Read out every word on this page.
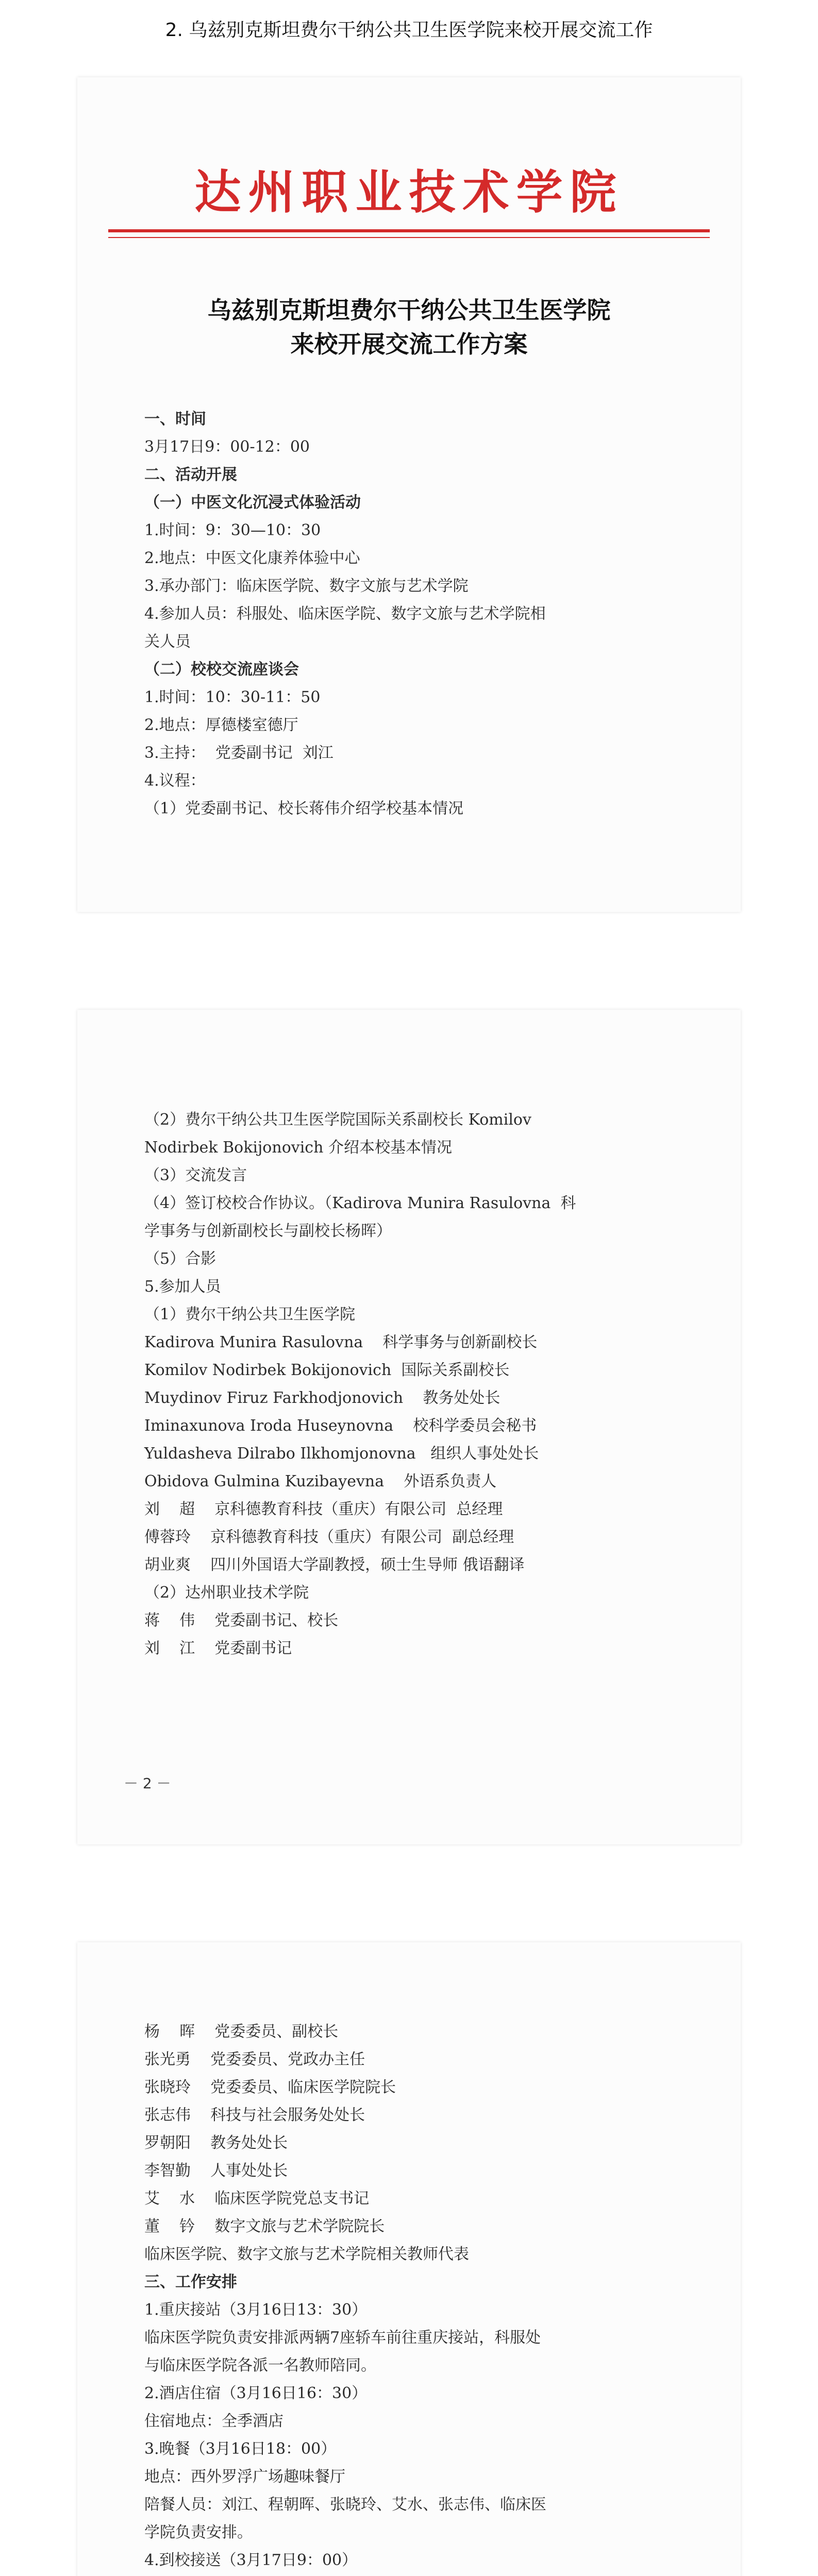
2. 乌兹别克斯坦费尔干纳公共卫生医学院来校开展交流工作
达州职业技术学院
乌兹别克斯坦费尔干纳公共卫生医学院
来校开展交流工作方案
一、时间
3月17日9：00-12：00
二、活动开展
（一）中医文化沉浸式体验活动
1.时间：9：30—10：30
2.地点：中医文化康养体验中心
3.承办部门：临床医学院、数字文旅与艺术学院
4.参加人员：科服处、临床医学院、数字文旅与艺术学院相
关人员
（二）校校交流座谈会
1.时间：10：30-11：50
2.地点：厚德楼室德厅
3.主持：  党委副书记  刘江
4.议程：
（1）党委副书记、校长蒋伟介绍学校基本情况
（2）费尔干纳公共卫生医学院国际关系副校长 Komilov
Nodirbek Bokijonovich 介绍本校基本情况
（3）交流发言
（4）签订校校合作协议。（Kadirova Munira Rasulovna  科
学事务与创新副校长与副校长杨晖）
（5）合影
5.参加人员
（1）费尔干纳公共卫生医学院
Kadirova Munira Rasulovna    科学事务与创新副校长
Komilov Nodirbek Bokijonovich  国际关系副校长
Muydinov Firuz Farkhodjonovich    教务处处长
Iminaxunova Iroda Huseynovna    校科学委员会秘书
Yuldasheva Dilrabo Ilkhomjonovna   组织人事处处长
Obidova Gulmina Kuzibayevna    外语系负责人
刘    超    京科德教育科技（重庆）有限公司  总经理
傅蓉玲    京科德教育科技（重庆）有限公司  副总经理
胡业爽    四川外国语大学副教授，硕士生导师 俄语翻译
（2）达州职业技术学院
蒋    伟    党委副书记、校长
刘    江    党委副书记
－ 2 －
杨    晖    党委委员、副校长
张光勇    党委委员、党政办主任
张晓玲    党委委员、临床医学院院长
张志伟    科技与社会服务处处长
罗朝阳    教务处处长
李智勤    人事处处长
艾    水    临床医学院党总支书记
董    钤    数字文旅与艺术学院院长
临床医学院、数字文旅与艺术学院相关教师代表
三、工作安排
1.重庆接站（3月16日13：30）
临床医学院负责安排派两辆7座轿车前往重庆接站，科服处
与临床医学院各派一名教师陪同。
2.酒店住宿（3月16日16：30）
住宿地点：全季酒店
3.晚餐（3月16日18：00）
地点：西外罗浮广场趣味餐厅
陪餐人员：刘江、程朝晖、张晓玲、艾水、张志伟、临床医
学院负责安排。
4.到校接送（3月17日9：00）
